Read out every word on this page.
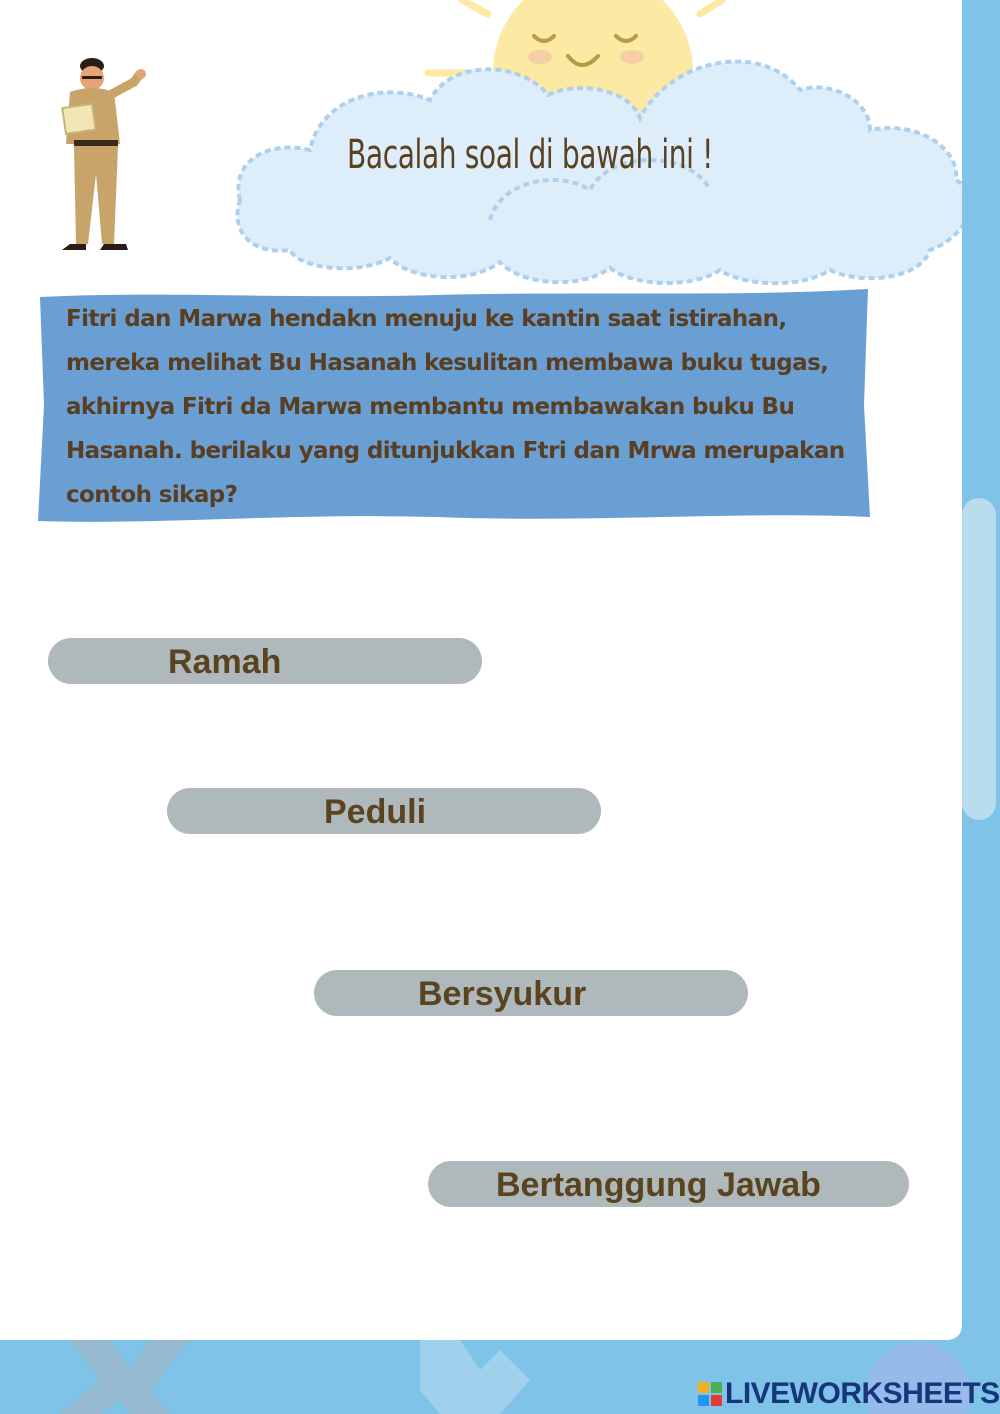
Bacalah soal di bawah ini !
Fitri dan Marwa hendakn menuju ke kantin saat istirahan,
mereka melihat Bu Hasanah kesulitan membawa buku tugas,
akhirnya Fitri da Marwa membantu membawakan buku Bu
Hasanah. berilaku yang ditunjukkan Ftri dan Mrwa merupakan
contoh sikap?
Ramah
Peduli
Bersyukur
Bertanggung Jawab
LIVEWORKSHEETS
